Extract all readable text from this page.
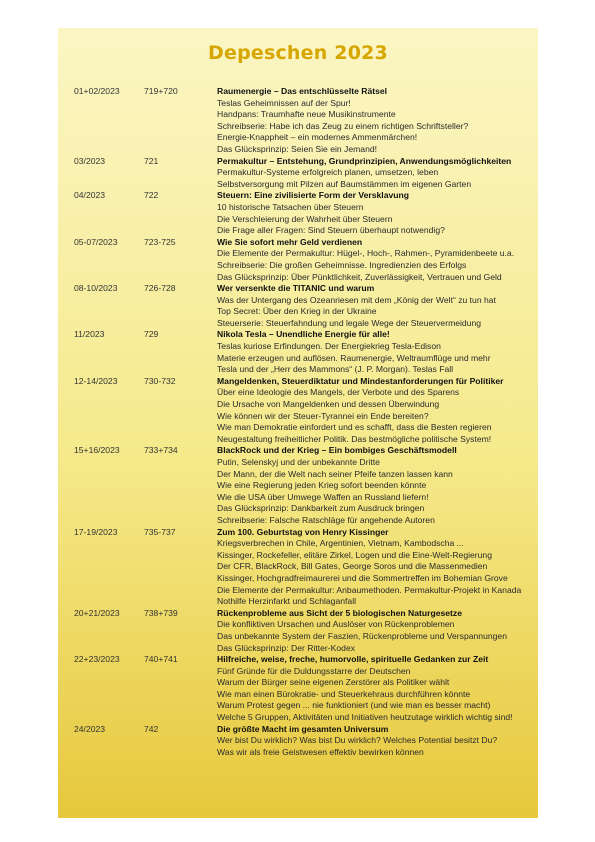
Depeschen 2023
01+02/2023	719+720	Raumenergie – Das entschlüsselte Rätsel
Teslas Geheimnissen auf der Spur!
Handpans: Traumhafte neue Musikinstrumente
Schreibserie: Habe ich das Zeug zu einem richtigen Schriftsteller?
Energie-Knappheit – ein modernes Ammenmärchen!
Das Glücksprinzip: Seien Sie ein Jemand!
03/2023	721	Permakultur – Entstehung, Grundprinzipien, Anwendungsmöglichkeiten
Permakultur-Systeme erfolgreich planen, umsetzen, leben
Selbstversorgung mit Pilzen auf Baumstämmen im eigenen Garten
04/2023	722	Steuern: Eine zivilisierte Form der Versklavung
10 historische Tatsachen über Steuern
Die Verschleierung der Wahrheit über Steuern
Die Frage aller Fragen: Sind Steuern überhaupt notwendig?
05-07/2023	723-725	Wie Sie sofort mehr Geld verdienen
Die Elemente der Permakultur: Hügel-, Hoch-, Rahmen-, Pyramidenbeete u.a.
Schreibserie: Die großen Geheimnisse. Ingredienzien des Erfolgs
Das Glücksprinzip: Über Pünktlichkeit, Zuverlässigkeit, Vertrauen und Geld
08-10/2023	726-728	Wer versenkte die TITANIC und warum
Was der Untergang des Ozeanriesen mit dem „König der Welt“ zu tun hat
Top Secret: Über den Krieg in der Ukraine
Steuerserie: Steuerfahndung und legale Wege der Steuervermeidung
11/2023	729	Nikola Tesla – Unendliche Energie für alle!
Teslas kuriose Erfindungen. Der Energiekrieg Tesla-Edison
Materie erzeugen und auflösen. Raumenergie, Weltraumflüge und mehr
Tesla und der „Herr des Mammons“ (J. P. Morgan). Teslas Fall
12-14/2023	730-732	Mangeldenken, Steuerdiktatur und Mindestanforderungen für Politiker
Über eine Ideologie des Mangels, der Verbote und des Sparens
Die Ursache von Mangeldenken und dessen Überwindung
Wie können wir der Steuer-Tyrannei ein Ende bereiten?
Wie man Demokratie einfordert und es schafft, dass die Besten regieren
Neugestaltung freiheitlicher Politik. Das bestmögliche politische System!
15+16/2023	733+734	BlackRock und der Krieg – Ein bombiges Geschäftsmodell
Putin, Selenskyj und der unbekannte Dritte
Der Mann, der die Welt nach seiner Pfeife tanzen lassen kann
Wie eine Regierung jeden Krieg sofort beenden könnte
Wie die USA über Umwege Waffen an Russland liefern!
Das Glücksprinzip: Dankbarkeit zum Ausdruck bringen
Schreibserie: Falsche Ratschläge für angehende Autoren
17-19/2023	735-737	Zum 100. Geburtstag von Henry Kissinger
Kriegsverbrechen in Chile, Argentinien, Vietnam, Kambodscha ...
Kissinger, Rockefeller, elitäre Zirkel, Logen und die Eine-Welt-Regierung
Der CFR, BlackRock, Bill Gates, George Soros und die Massenmedien
Kissinger, Hochgradfreimaurerei und die Sommertreffen im Bohemian Grove
Die Elemente der Permakultur: Anbaumethoden. Permakultur-Projekt in Kanada
Nothilfe Herzinfarkt und Schlaganfall
20+21/2023	738+739	Rückenprobleme aus Sicht der 5 biologischen Naturgesetze
Die konfliktiven Ursachen und Auslöser von Rückenproblemen
Das unbekannte System der Faszien, Rückenprobleme und Verspannungen
Das Glücksprinzip: Der Ritter-Kodex
22+23/2023	740+741	Hilfreiche, weise, freche, humorvolle, spirituelle Gedanken zur Zeit
Fünf Gründe für die Duldungsstarre der Deutschen
Warum der Bürger seine eigenen Zerstörer als Politiker wählt
Wie man einen Bürokratie- und Steuerkehraus durchführen könnte
Warum Protest gegen ... nie funktioniert (und wie man es besser macht)
Welche 5 Gruppen, Aktivitäten und Initiativen heutzutage wirklich wichtig sind!
24/2023	742	Die größte Macht im gesamten Universum
Wer bist Du wirklich? Was bist Du wirklich? Welches Potential besitzt Du?
Was wir als freie Geistwesen effektiv bewirken können
